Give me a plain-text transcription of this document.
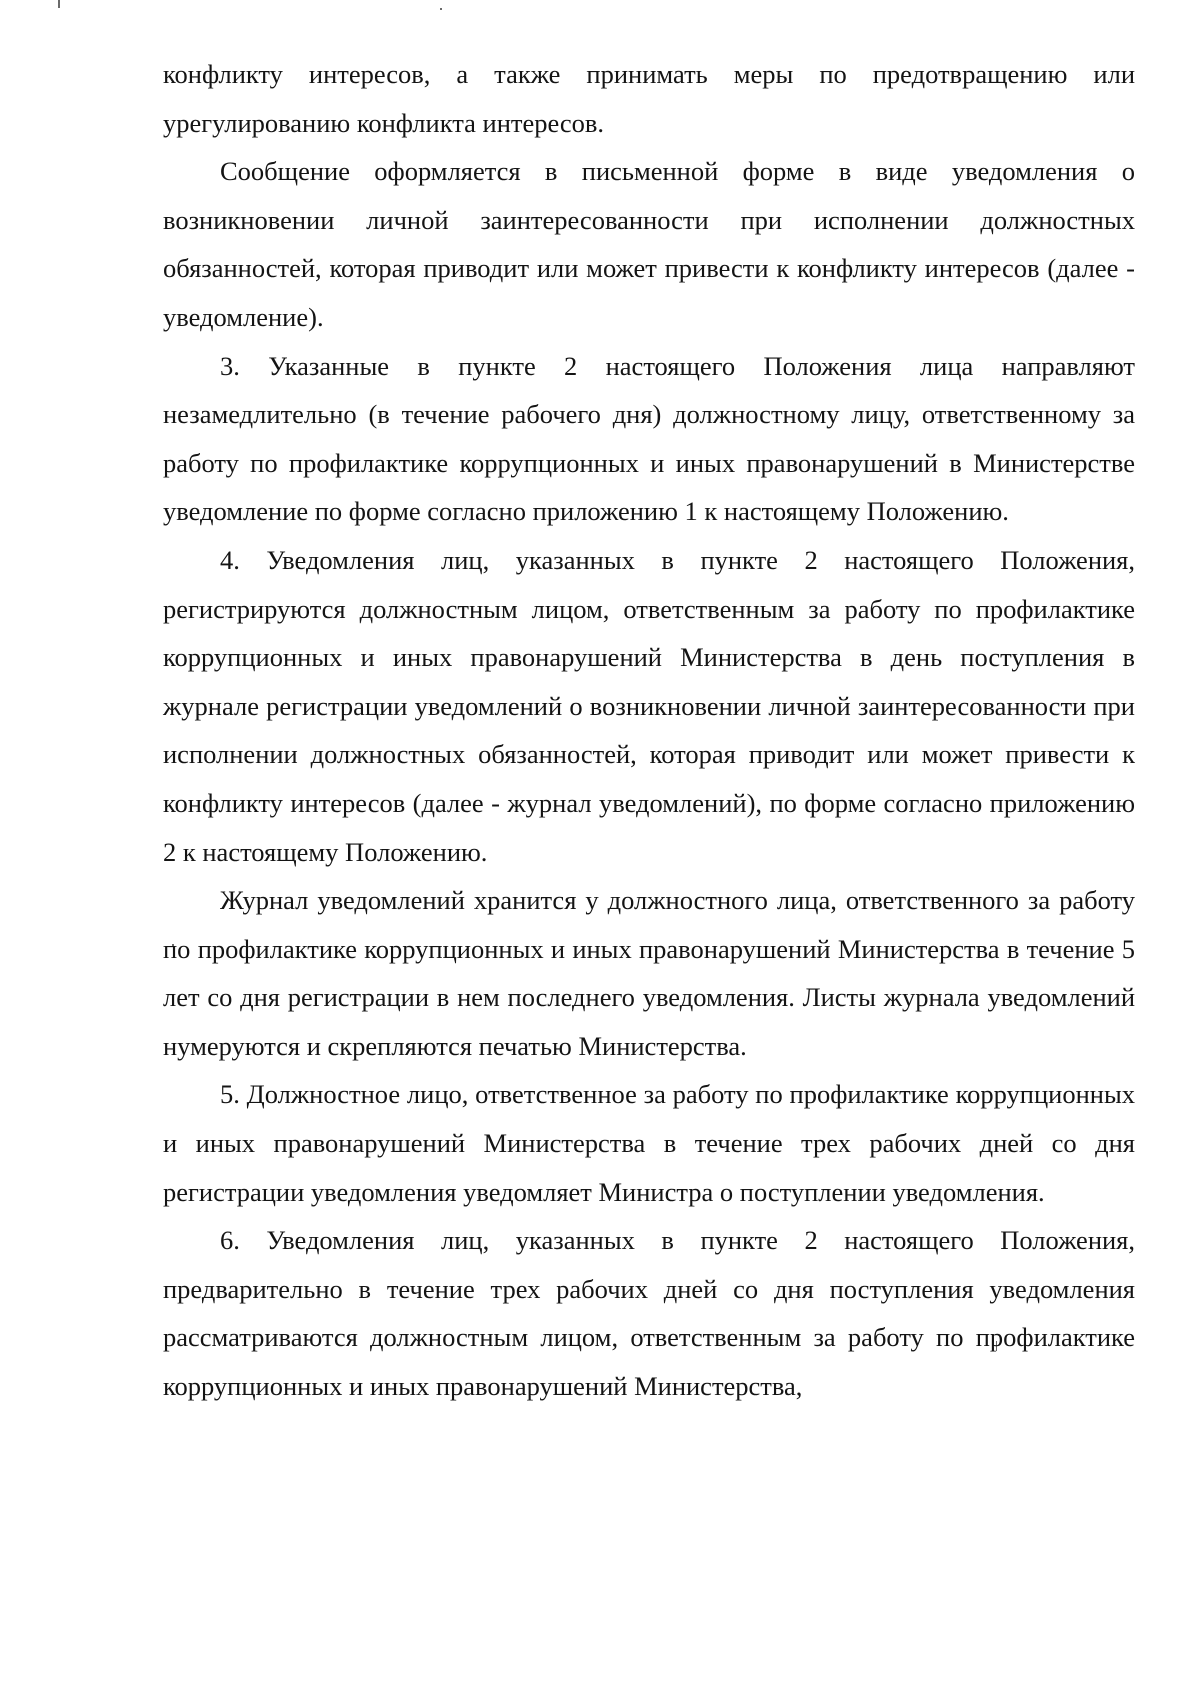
конфликту интересов, а также принимать меры по предотвращению или урегулированию конфликта интересов.

Сообщение оформляется в письменной форме в виде уведомления о возникновении личной заинтересованности при исполнении должностных обязанностей, которая приводит или может привести к конфликту интересов (далее - уведомление).

3. Указанные в пункте 2 настоящего Положения лица направляют незамедлительно (в течение рабочего дня) должностному лицу, ответственному за работу по профилактике коррупционных и иных правонарушений в Министерстве уведомление по форме согласно приложению 1 к настоящему Положению.

4. Уведомления лиц, указанных в пункте 2 настоящего Положения, регистрируются должностным лицом, ответственным за работу по профилактике коррупционных и иных правонарушений Министерства в день поступления в журнале регистрации уведомлений о возникновении личной заинтересованности при исполнении должностных обязанностей, которая приводит или может привести к конфликту интересов (далее - журнал уведомлений), по форме согласно приложению 2 к настоящему Положению.

Журнал уведомлений хранится у должностного лица, ответственного за работу по профилактике коррупционных и иных правонарушений Министерства в течение 5 лет со дня регистрации в нем последнего уведомления. Листы журнала уведомлений нумеруются и скрепляются печатью Министерства.

5. Должностное лицо, ответственное за работу по профилактике коррупционных и иных правонарушений Министерства в течение трех рабочих дней со дня регистрации уведомления уведомляет Министра о поступлении уведомления.

6. Уведомления лиц, указанных в пункте 2 настоящего Положения, предварительно в течение трех рабочих дней со дня поступления уведомления рассматриваются должностным лицом, ответственным за работу по профилактике коррупционных и иных правонарушений Министерства,
